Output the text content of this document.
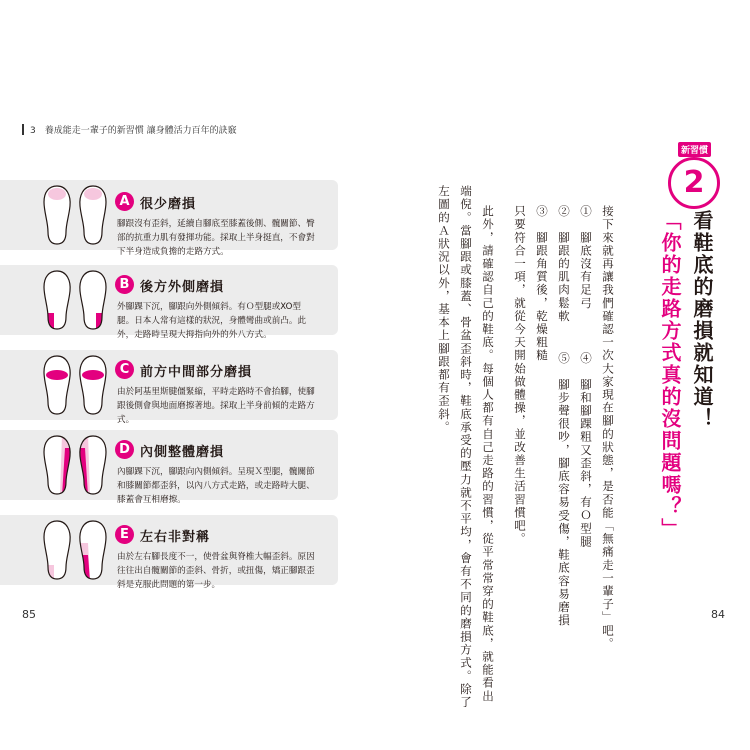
3　養成能走一輩子的新習慣 讓身體活力百年的訣竅
85	84
A 很少磨損
腳跟沒有歪斜，延續自腳底至膝蓋後側、髖關節、臀部的抗重力肌有發揮功能。採取上半身挺直，不會對下半身造成負擔的走路方式。
B 後方外側磨損
外腳踝下沉，腳跟向外側傾斜。有Ｏ型腿或XO型腿。日本人常有這樣的狀況，身體彎曲或前凸。此外，走路時呈現大拇指向外的外八方式。
C 前方中間部分磨損
由於阿基里斯腱僵緊縮，平時走路時不會抬腳，使腳跟後側會與地面磨擦著地。採取上半身前傾的走路方式。
D 內側整體磨損
內腳踝下沉，腳跟向內側傾斜。呈現Ｘ型腿，髖關節和膝關節都歪斜，以內八方式走路，或走路時大腿、膝蓋會互相磨擦。
E 左右非對稱
由於左右腳長度不一，使骨盆與脊椎大幅歪斜。原因往往出自髖關節的歪斜、骨折，或扭傷，矯正腳跟歪斜是克服此問題的第一步。
新習慣
2
看鞋底的磨損就知道！
「你的走路方式真的沒問題嗎？」
接下來就再讓我們確認一次大家現在腳的狀態，是否能「無痛走一輩子」吧。
①　腳底沒有足弓
④　腳和腳踝粗又歪斜，有Ｏ型腿
②　腳跟的肌肉鬆軟
⑤　腳步聲很吵，腳底容易受傷，鞋底容易磨損
③　腳跟角質後，乾燥粗糙
只要符合一項，就從今天開始做體操，並改善生活習慣吧。
此外，請確認自己的鞋底。每個人都有自己走路的習慣，從平常常穿的鞋底，就能看出
端倪。當腳跟或膝蓋、骨盆歪斜時，鞋底承受的壓力就不平均，會有不同的磨損方式。除了
左圖的Ａ狀況以外，基本上腳跟都有歪斜。
